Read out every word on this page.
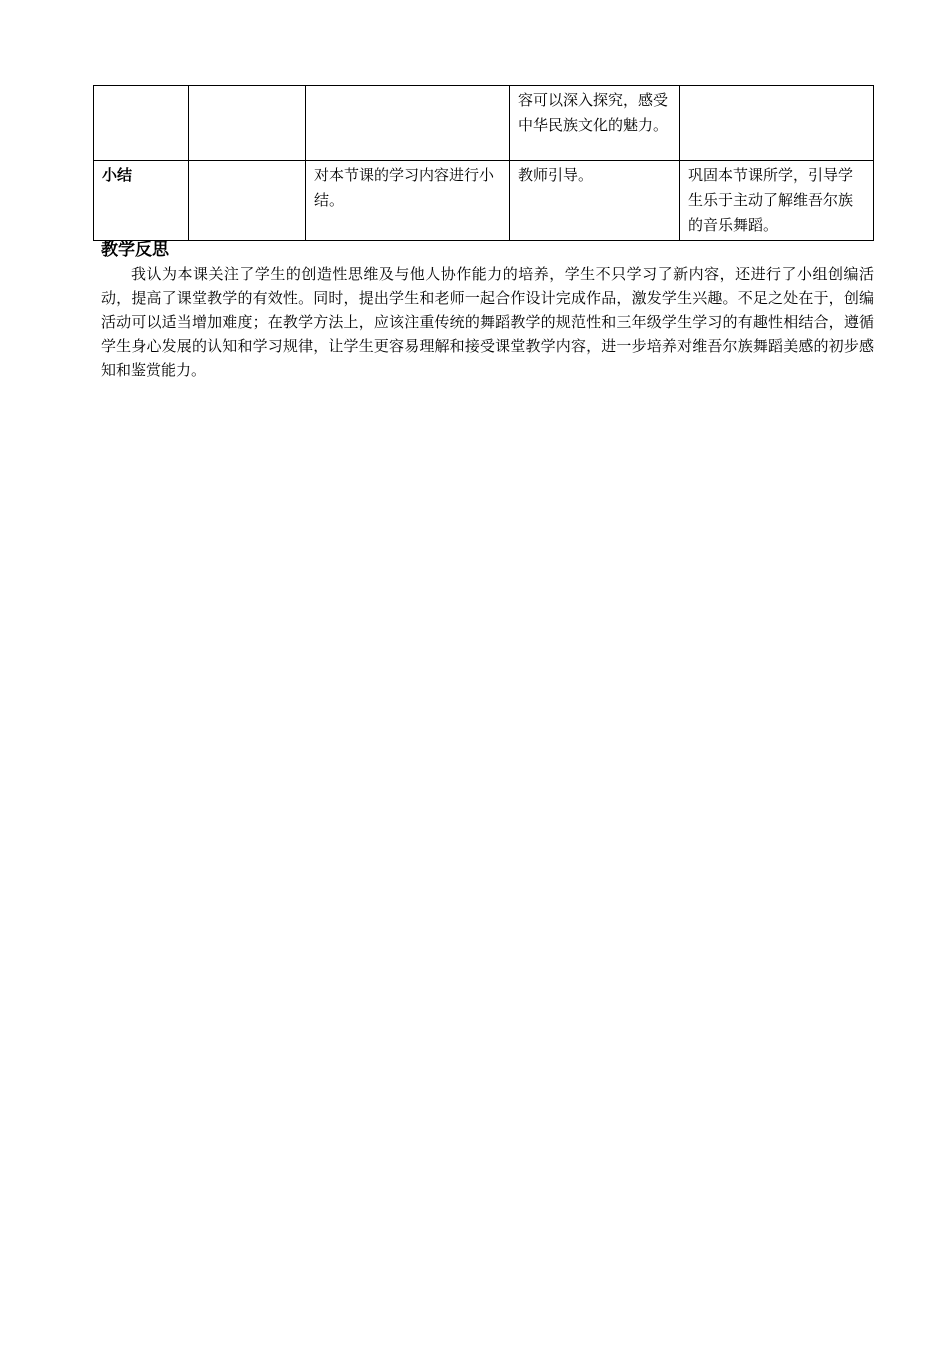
			容可以深入探究，感受中华民族文化的魅力。	
小结		对本节课的学习内容进行小结。	教师引导。	巩固本节课所学，引导学生乐于主动了解维吾尔族的音乐舞蹈。
教学反思

我认为本课关注了学生的创造性思维及与他人协作能力的培养，学生不只学习了新内容，还进行了小组创编活动，提高了课堂教学的有效性。同时，提出学生和老师一起合作设计完成作品，激发学生兴趣。不足之处在于，创编活动可以适当增加难度；在教学方法上，应该注重传统的舞蹈教学的规范性和三年级学生学习的有趣性相结合，遵循学生身心发展的认知和学习规律，让学生更容易理解和接受课堂教学内容，进一步培养对维吾尔族舞蹈美感的初步感知和鉴赏能力。
